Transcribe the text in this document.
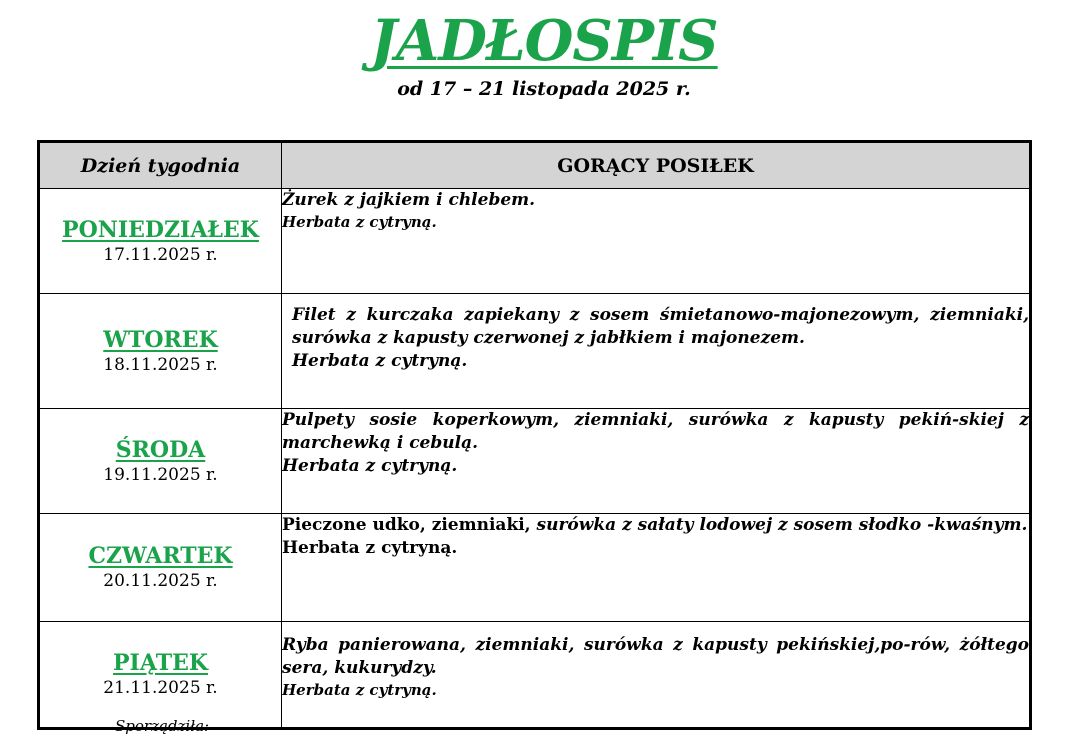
JADŁOSPIS
od 17 – 21 listopada 2025 r.
Dzień tygodnia	GORĄCY POSIŁEK

PONIEDZIAŁEK
17.11.2025 r.	Żurek z jajkiem i chlebem.
Herbata z cytryną.

WTOREK
18.11.2025 r.	Filet z kurczaka zapiekany z sosem śmietanowo-majonezowym, ziemniaki, surówka z kapusty czerwonej z jabłkiem i majonezem.
Herbata z cytryną.

ŚRODA
19.11.2025 r.	Pulpety sosie koperkowym, ziemniaki, surówka z kapusty pekiń-skiej z marchewką i cebulą.
Herbata z cytryną.

CZWARTEK
20.11.2025 r.	Pieczone udko, ziemniaki, surówka z sałaty lodowej z sosem słodko -kwaśnym.
Herbata z cytryną.

PIĄTEK
21.11.2025 r.	Ryba panierowana, ziemniaki, surówka z kapusty pekińskiej,po-rów, żółtego sera, kukurydzy.
Herbata z cytryną.
Sporządziła:
